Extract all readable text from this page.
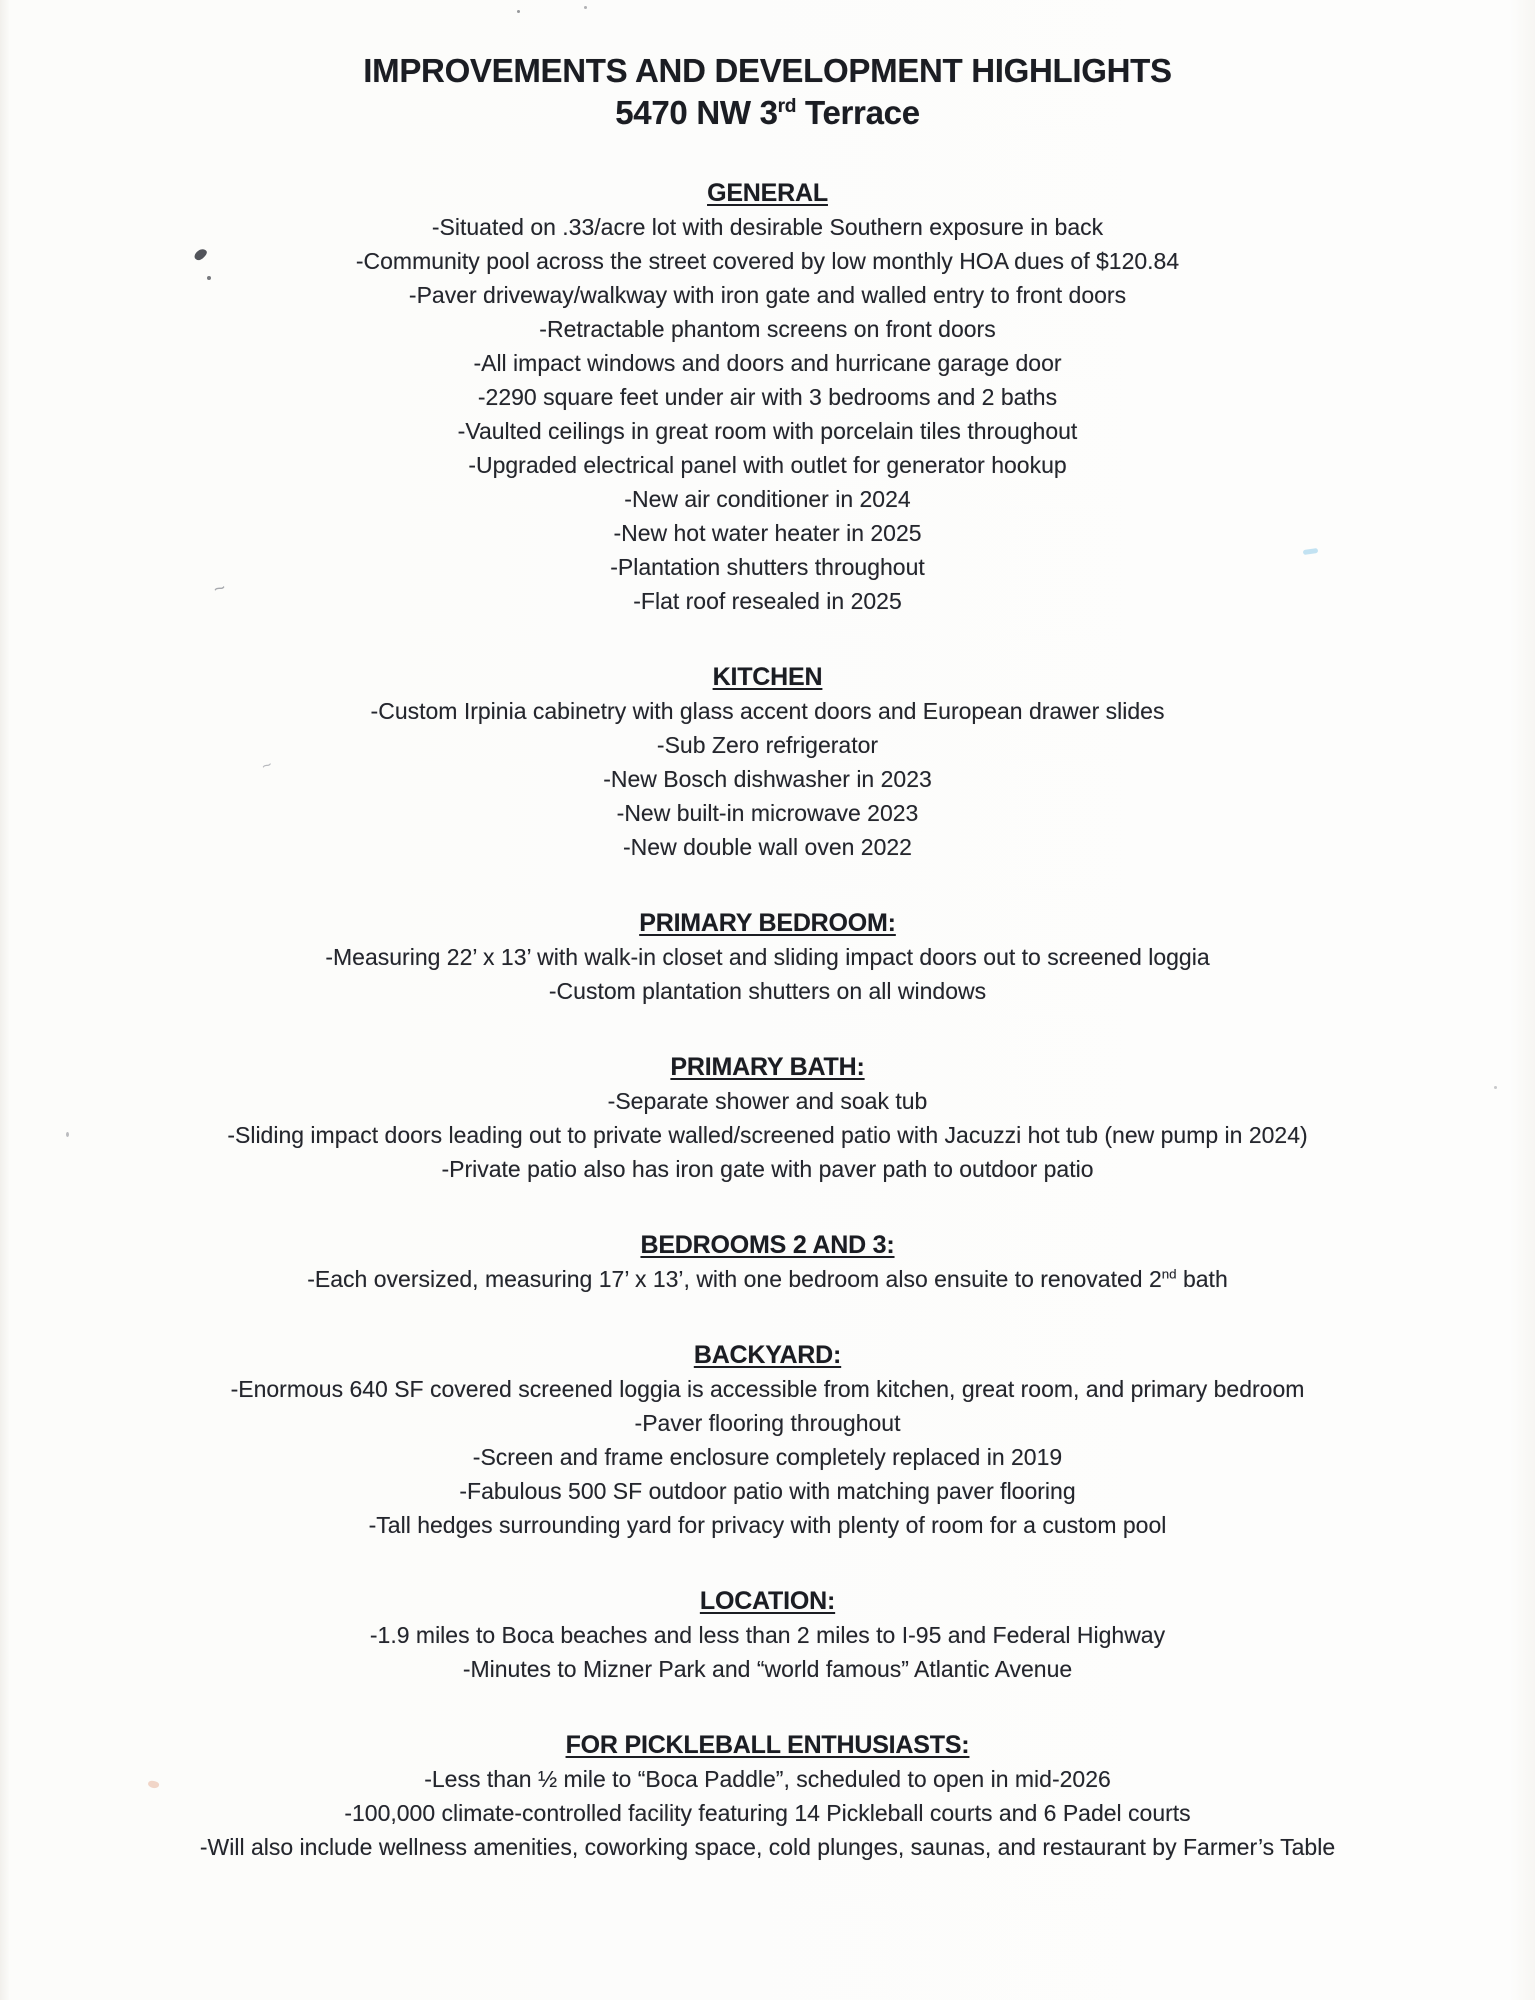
~
~
IMPROVEMENTS AND DEVELOPMENT HIGHLIGHTS
5470 NW 3rd Terrace
GENERAL
-Situated on .33/acre lot with desirable Southern exposure in back
-Community pool across the street covered by low monthly HOA dues of $120.84
-Paver driveway/walkway with iron gate and walled entry to front doors
-Retractable phantom screens on front doors
-All impact windows and doors and hurricane garage door
-2290 square feet under air with 3 bedrooms and 2 baths
-Vaulted ceilings in great room with porcelain tiles throughout
-Upgraded electrical panel with outlet for generator hookup
-New air conditioner in 2024
-New hot water heater in 2025
-Plantation shutters throughout
-Flat roof resealed in 2025
KITCHEN
-Custom Irpinia cabinetry with glass accent doors and European drawer slides
-Sub Zero refrigerator
-New Bosch dishwasher in 2023
-New built-in microwave 2023
-New double wall oven 2022
PRIMARY BEDROOM:
-Measuring 22’ x 13’ with walk-in closet and sliding impact doors out to screened loggia
-Custom plantation shutters on all windows
PRIMARY BATH:
-Separate shower and soak tub
-Sliding impact doors leading out to private walled/screened patio with Jacuzzi hot tub (new pump in 2024)
-Private patio also has iron gate with paver path to outdoor patio
BEDROOMS 2 AND 3:
-Each oversized, measuring 17’ x 13’, with one bedroom also ensuite to renovated 2nd bath
BACKYARD:
-Enormous 640 SF covered screened loggia is accessible from kitchen, great room, and primary bedroom
-Paver flooring throughout
-Screen and frame enclosure completely replaced in 2019
-Fabulous 500 SF outdoor patio with matching paver flooring
-Tall hedges surrounding yard for privacy with plenty of room for a custom pool
LOCATION:
-1.9 miles to Boca beaches and less than 2 miles to I-95 and Federal Highway
-Minutes to Mizner Park and “world famous” Atlantic Avenue
FOR PICKLEBALL ENTHUSIASTS:
-Less than ½ mile to “Boca Paddle”, scheduled to open in mid-2026
-100,000 climate-controlled facility featuring 14 Pickleball courts and 6 Padel courts
-Will also include wellness amenities, coworking space, cold plunges, saunas, and restaurant by Farmer’s Table
